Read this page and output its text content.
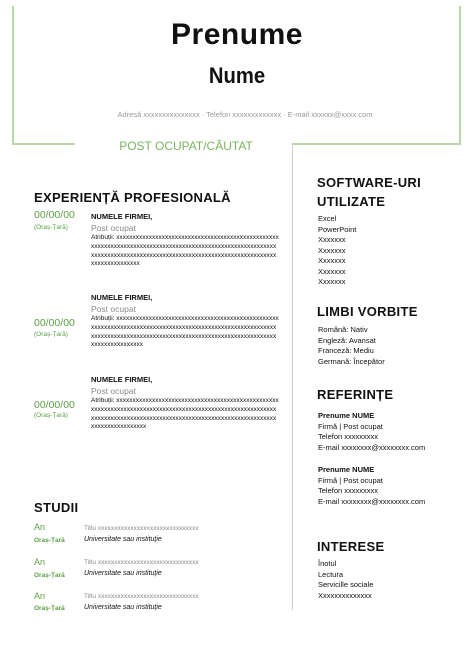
Prenume
Nume
Adresă xxxxxxxxxxxxxxx · Telefon xxxxxxxxxxxxx · E-mail xxxxxx@xxxx.com
POST OCUPAT/CĂUTAT
EXPERIENȚĂ PROFESIONALĂ
00/00/00
(Oraș-Țară)
NUMELE FIRMEI,
Post ocupat
Atribuții: xxxxxxxxxxxxxxxxxxxxxxxxxxxxxxxxxxxxxxxxxxxxxxxxxxxxxxxxxxxxxxxxxxxxxxxxxxxxxxxxxxxxxxxxxxxxxxxxxxxxxxxxxxxxxxxxxxxxxxxxxxxxxxxxxxxxxxxxxxxxxxxxxxxxxxxxxxxxxxxxxxxxxxxxxxxxxxxxxxx
00/00/00
(Oraș-Țară)
NUMELE FIRMEI,
Post ocupat
Atribuții: xxxxxxxxxxxxxxxxxxxxxxxxxxxxxxxxxxxxxxxxxxxxxxxxxxxxxxxxxxxxxxxxxxxxxxxxxxxxxxxxxxxxxxxxxxxxxxxxxxxxxxxxxxxxxxxxxxxxxxxxxxxxxxxxxxxxxxxxxxxxxxxxxxxxxxxxxxxxxxxxxxxxxxxxxxxxxxxxxxxx
00/00/00
(Oraș-Țară)
NUMELE FIRMEI,
Post ocupat
Atribuții: xxxxxxxxxxxxxxxxxxxxxxxxxxxxxxxxxxxxxxxxxxxxxxxxxxxxxxxxxxxxxxxxxxxxxxxxxxxxxxxxxxxxxxxxxxxxxxxxxxxxxxxxxxxxxxxxxxxxxxxxxxxxxxxxxxxxxxxxxxxxxxxxxxxxxxxxxxxxxxxxxxxxxxxxxxxxxxxxxxxxx
STUDII
An
Oraș-Țară
Titlu xxxxxxxxxxxxxxxxxxxxxxxxxxxxxxx
Universitate sau instituție
An
Oraș-Țară
Titlu xxxxxxxxxxxxxxxxxxxxxxxxxxxxxxx
Universitate sau instituție
An
Oraș-Țară
Titlu xxxxxxxxxxxxxxxxxxxxxxxxxxxxxxx
Universitate sau instituție
SOFTWARE-URI
UTILIZATE
Excel
PowerPoint
Xxxxxxx
Xxxxxxx
Xxxxxxx
Xxxxxxx
Xxxxxxx
LIMBI VORBITE
Română: Nativ
Engleză: Avansat
Franceză: Mediu
Germană: Începător
REFERINȚE
Prenume NUME
Firmă | Post ocupat
Telefon xxxxxxxxx
E-mail xxxxxxxx@xxxxxxxx.com
Prenume NUME
Firmă | Post ocupat
Telefon xxxxxxxxx
E-mail xxxxxxxx@xxxxxxxx.com
INTERESE
Înotul
Lectura
Servicille sociale
Xxxxxxxxxxxxxx
